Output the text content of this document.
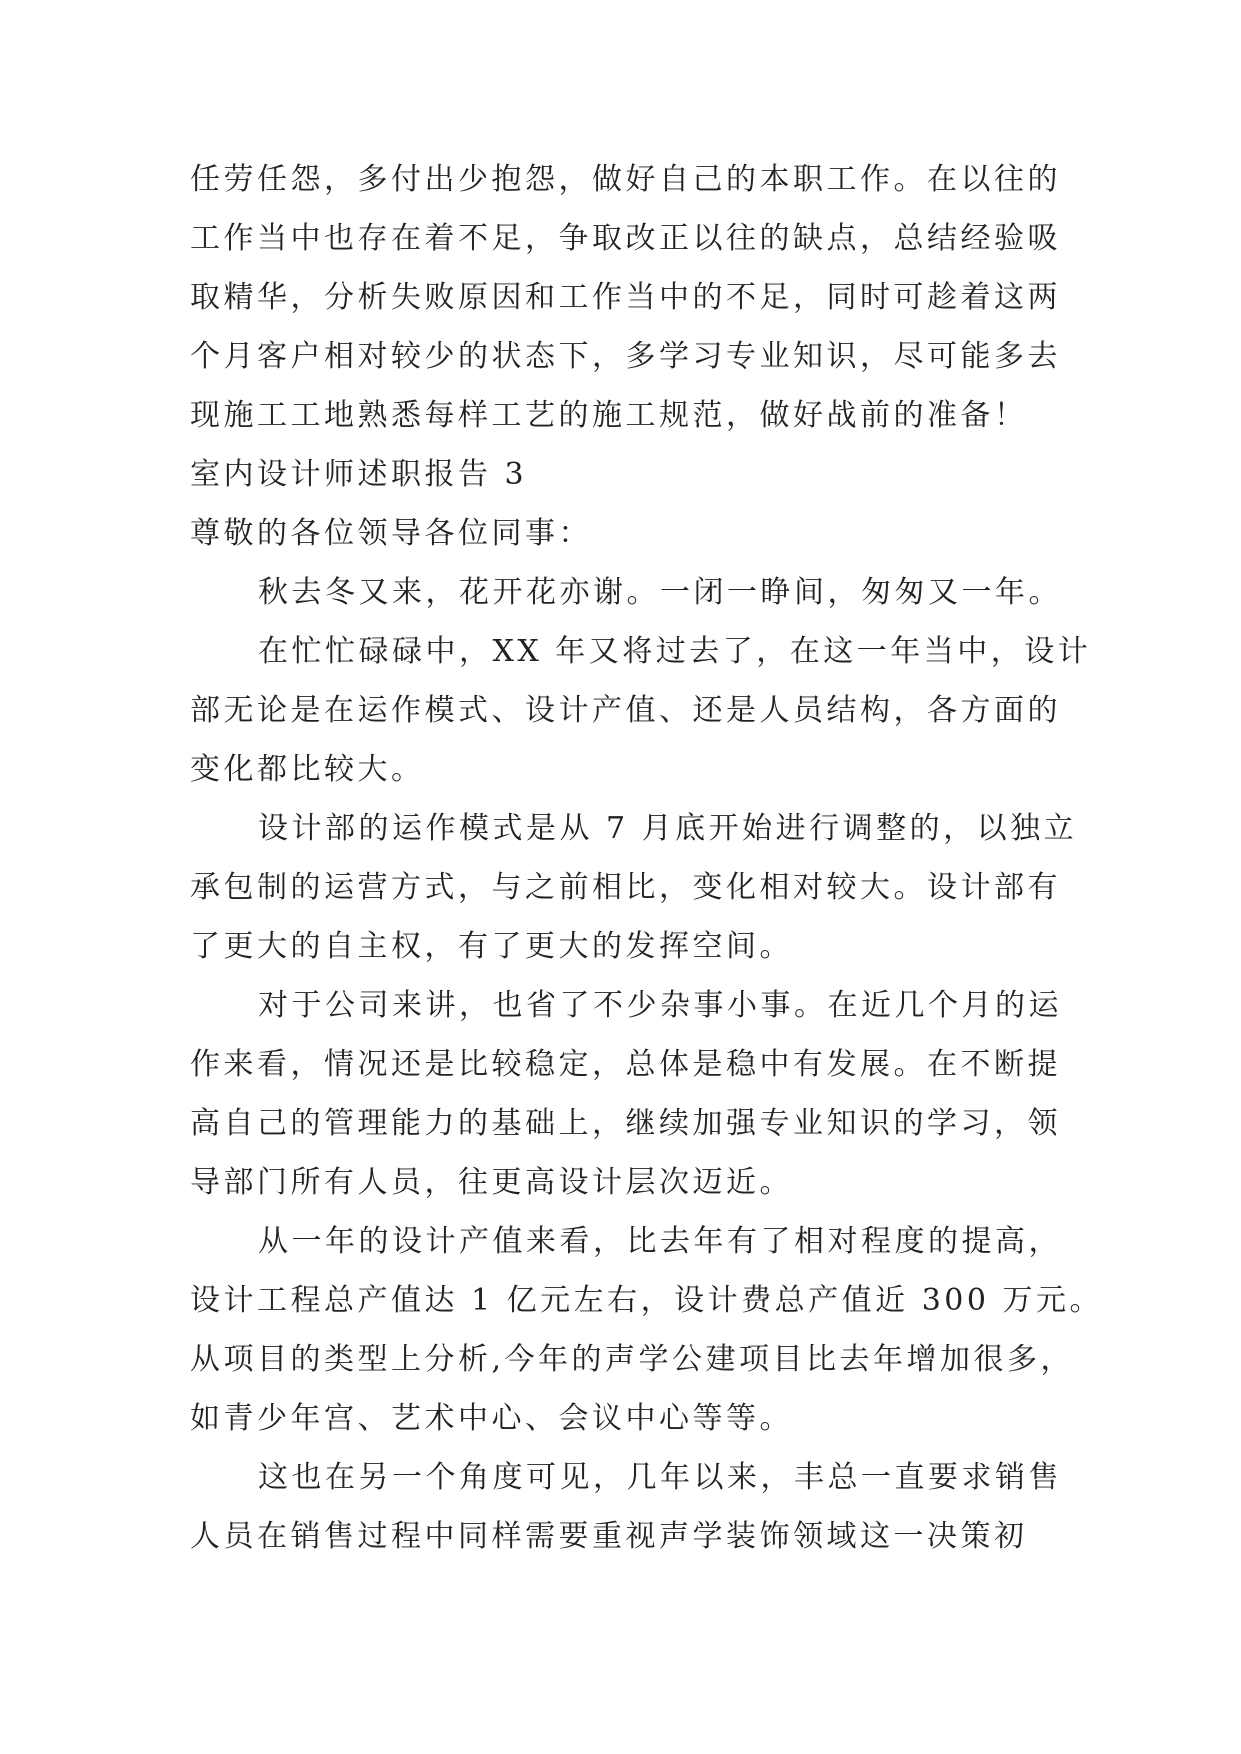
任劳任怨，多付出少抱怨，做好自己的本职工作。在以往的
工作当中也存在着不足，争取改正以往的缺点，总结经验吸
取精华，分析失败原因和工作当中的不足，同时可趁着这两
个月客户相对较少的状态下，多学习专业知识，尽可能多去
现施工工地熟悉每样工艺的施工规范，做好战前的准备！
室内设计师述职报告 3
尊敬的各位领导各位同事：
秋去冬又来，花开花亦谢。一闭一睁间，匆匆又一年。
在忙忙碌碌中，XX 年又将过去了，在这一年当中，设计
部无论是在运作模式、设计产值、还是人员结构，各方面的
变化都比较大。
设计部的运作模式是从 7 月底开始进行调整的，以独立
承包制的运营方式，与之前相比，变化相对较大。设计部有
了更大的自主权，有了更大的发挥空间。
对于公司来讲，也省了不少杂事小事。在近几个月的运
作来看，情况还是比较稳定，总体是稳中有发展。在不断提
高自己的管理能力的基础上，继续加强专业知识的学习，领
导部门所有人员，往更高设计层次迈近。
从一年的设计产值来看，比去年有了相对程度的提高，
设计工程总产值达 1 亿元左右，设计费总产值近 300 万元。
从项目的类型上分析,今年的声学公建项目比去年增加很多，
如青少年宫、艺术中心、会议中心等等。
这也在另一个角度可见，几年以来，丰总一直要求销售
人员在销售过程中同样需要重视声学装饰领域这一决策初
